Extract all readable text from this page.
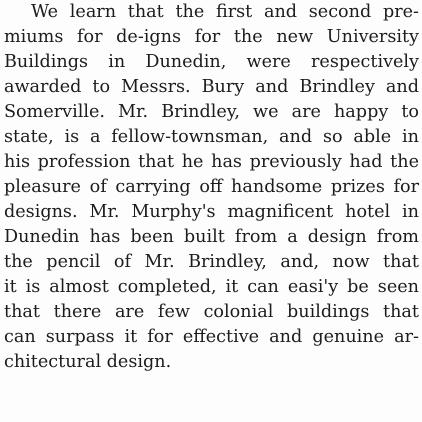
We learn that the first and second pre-
miums for de-igns for the new University
Buildings in Dunedin, were respectively
awarded to Messrs. Bury and Brindley and
Somerville. Mr. Brindley, we are happy to
state, is a fellow-townsman, and so able in
his profession that he has previously had the
pleasure of carrying off handsome prizes for
designs. Mr. Murphy's magnificent hotel in
Dunedin has been built from a design from
the pencil of Mr. Brindley, and, now that
it is almost completed, it can easi'y be seen
that there are few colonial buildings that
can surpass it for effective and genuine ar-
chitectural design.
